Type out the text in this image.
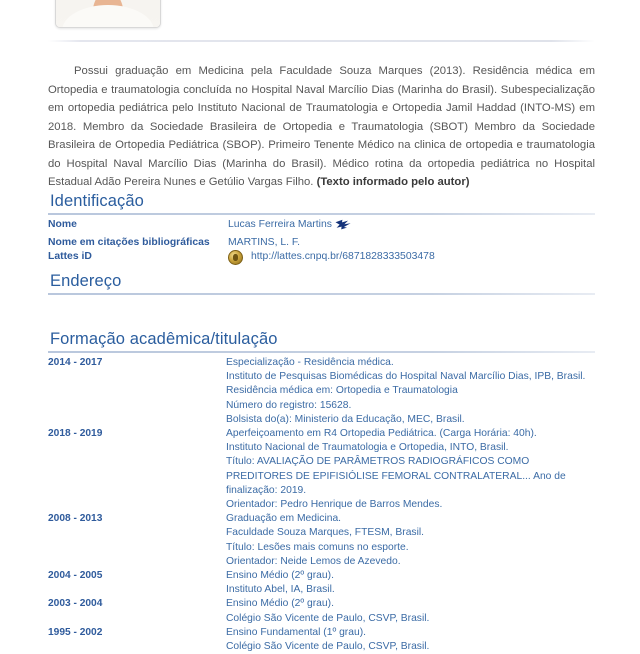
Possui graduação em Medicina pela Faculdade Souza Marques (2013). Residência médica em Ortopedia e traumatologia concluída no Hospital Naval Marcílio Dias (Marinha do Brasil). Subespecialização em ortopedia pediátrica pelo Instituto Nacional de Traumatologia e Ortopedia Jamil Haddad (INTO-MS) em 2018. Membro da Sociedade Brasileira de Ortopedia e Traumatologia (SBOT) Membro da Sociedade Brasileira de Ortopedia Pediátrica (SBOP). Primeiro Tenente Médico na clinica de ortopedia e traumatologia do Hospital Naval Marcílio Dias (Marinha do Brasil). Médico rotina da ortopedia pediátrica no Hospital Estadual Adão Pereira Nunes e Getúlio Vargas Filho. (Texto informado pelo autor)

Identificação
Nome	Lucas Ferreira Martins
Nome em citações bibliográficas	MARTINS, L. F.
Lattes iD	http://lattes.cnpq.br/6871828333503478
Endereço
Formação acadêmica/titulação
2014 - 2017	Especialização - Residência médica.
Instituto de Pesquisas Biomédicas do Hospital Naval Marcílio Dias, IPB, Brasil. Residência médica em: Ortopedia e Traumatologia
Número do registro: 15628.
Bolsista do(a): Ministerio da Educação, MEC, Brasil.

2018 - 2019	Aperfeiçoamento em R4 Ortopedia Pediátrica. (Carga Horária: 40h).
Instituto Nacional de Traumatologia e Ortopedia, INTO, Brasil.
Título: AVALIAÇÃO DE PARÂMETROS RADIOGRÁFICOS COMO PREDITORES DE EPIFISIÓLISE FEMORAL CONTRALATERAL... Ano de finalização: 2019.
Orientador: Pedro Henrique de Barros Mendes.

2008 - 2013	Graduação em Medicina.
Faculdade Souza Marques, FTESM, Brasil.
Título: Lesões mais comuns no esporte.
Orientador: Neide Lemos de Azevedo.

2004 - 2005	Ensino Médio (2º grau).
Instituto Abel, IA, Brasil.

2003 - 2004	Ensino Médio (2º grau).
Colégio São Vicente de Paulo, CSVP, Brasil.

1995 - 2002	Ensino Fundamental (1º grau).
Colégio São Vicente de Paulo, CSVP, Brasil.
